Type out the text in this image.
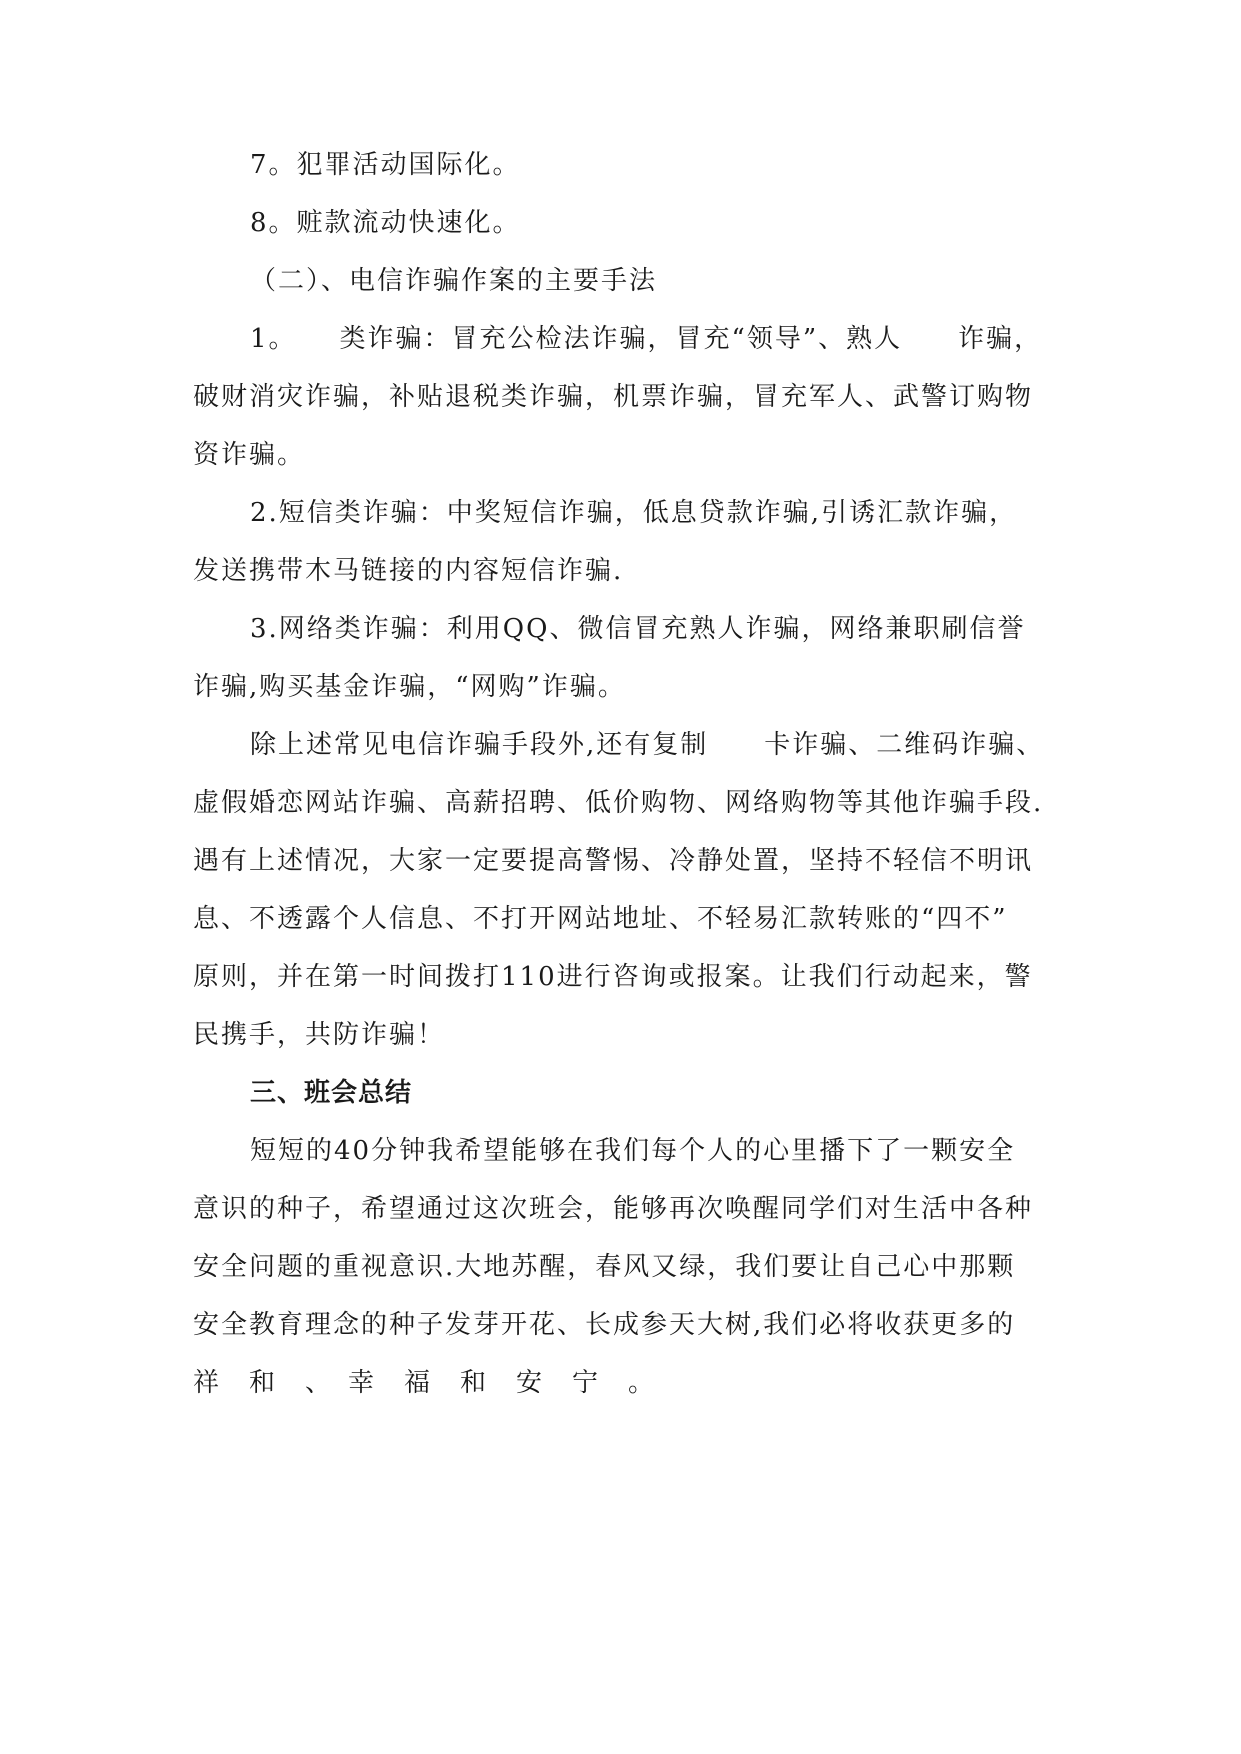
7。犯罪活动国际化。
8。赃款流动快速化。
（二）、电信诈骗作案的主要手法
1。　　类诈骗：冒充公检法诈骗，冒充“领导”、熟人　　诈骗，
破财消灾诈骗，补贴退税类诈骗，机票诈骗，冒充军人、武警订购物
资诈骗。
2.短信类诈骗：中奖短信诈骗，低息贷款诈骗,引诱汇款诈骗，
发送携带木马链接的内容短信诈骗.
3.网络类诈骗：利用QQ、微信冒充熟人诈骗，网络兼职刷信誉
诈骗,购买基金诈骗，“网购”诈骗。
除上述常见电信诈骗手段外,还有复制　　卡诈骗、二维码诈骗、
虚假婚恋网站诈骗、高薪招聘、低价购物、网络购物等其他诈骗手段.
遇有上述情况，大家一定要提高警惕、冷静处置，坚持不轻信不明讯
息、不透露个人信息、不打开网站地址、不轻易汇款转账的“四不”
原则，并在第一时间拨打110进行咨询或报案。让我们行动起来，警
民携手，共防诈骗！
三、班会总结
短短的40分钟我希望能够在我们每个人的心里播下了一颗安全
意识的种子，希望通过这次班会，能够再次唤醒同学们对生活中各种
安全问题的重视意识.大地苏醒，春风又绿，我们要让自己心中那颗
安全教育理念的种子发芽开花、长成参天大树,我们必将收获更多的
祥　和　、　幸　福　和　安　宁　。
